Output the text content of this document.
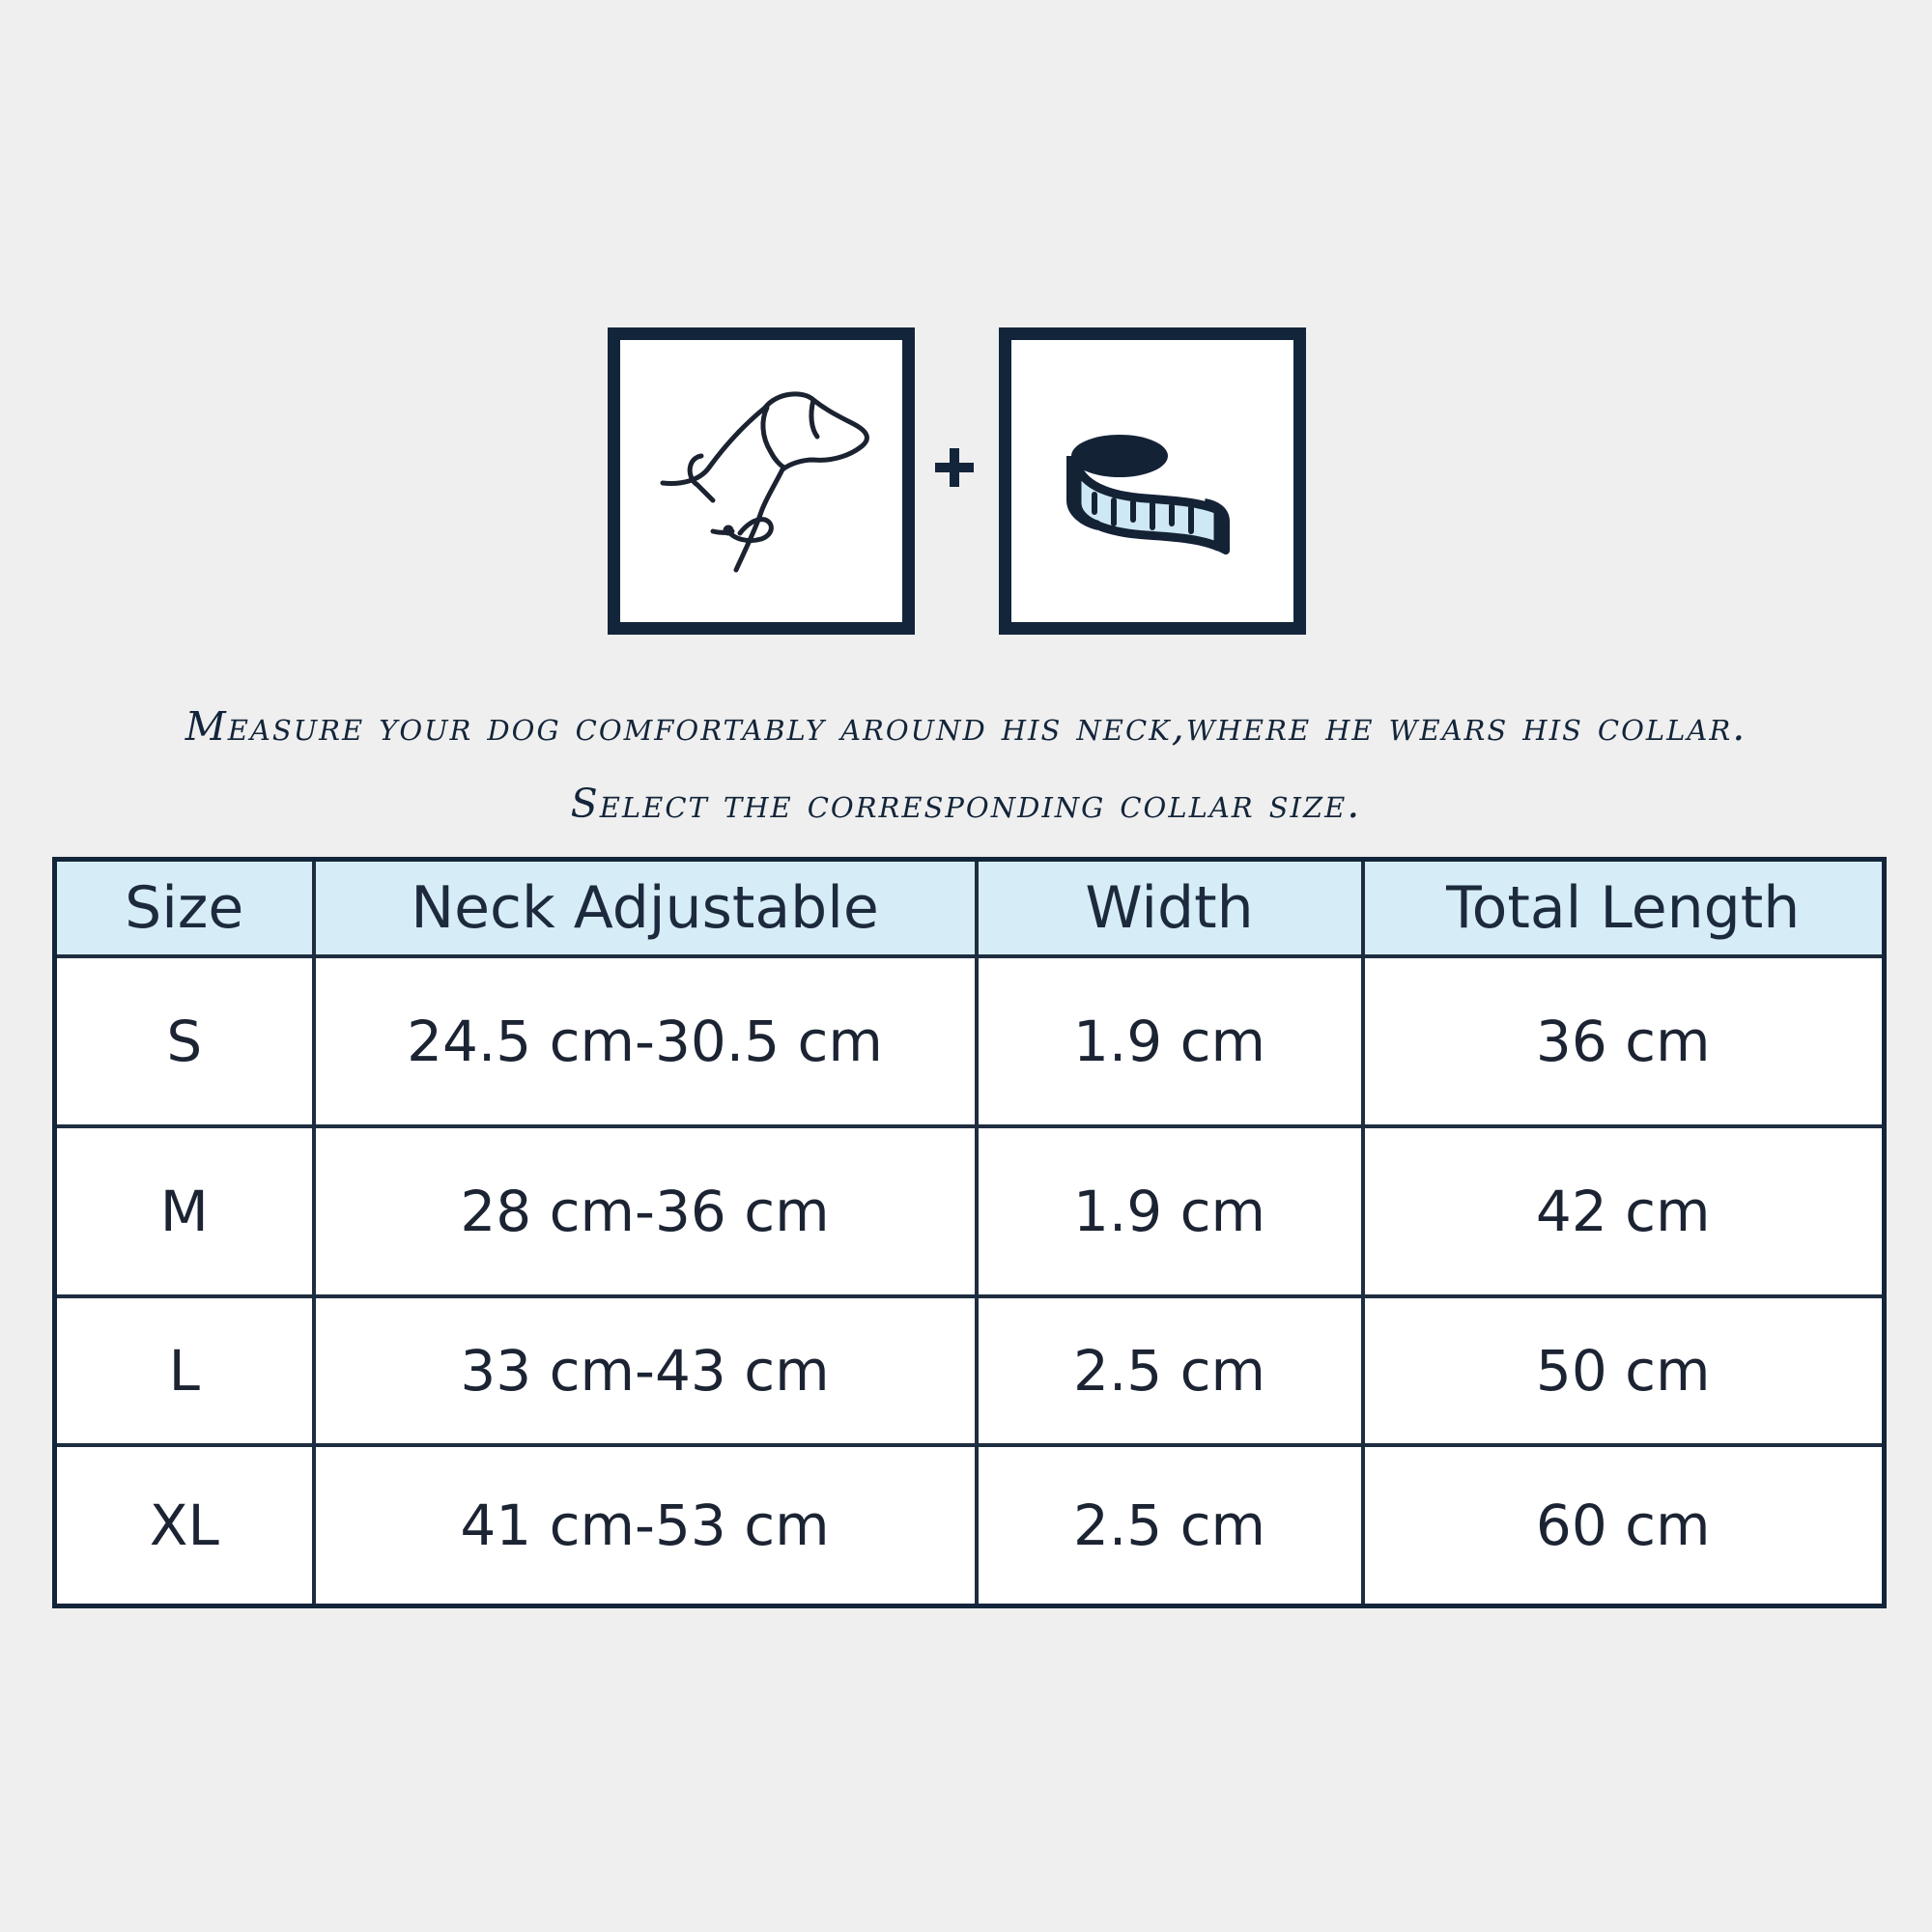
Measure your dog comfortably around his neck,where he wears his collar.
Select the corresponding collar size.
Size	Neck Adjustable	Width	Total Length
S	24.5 cm-30.5 cm	1.9 cm	36 cm
M	28 cm-36 cm	1.9 cm	42 cm
L	33 cm-43 cm	2.5 cm	50 cm
XL	41 cm-53 cm	2.5 cm	60 cm
